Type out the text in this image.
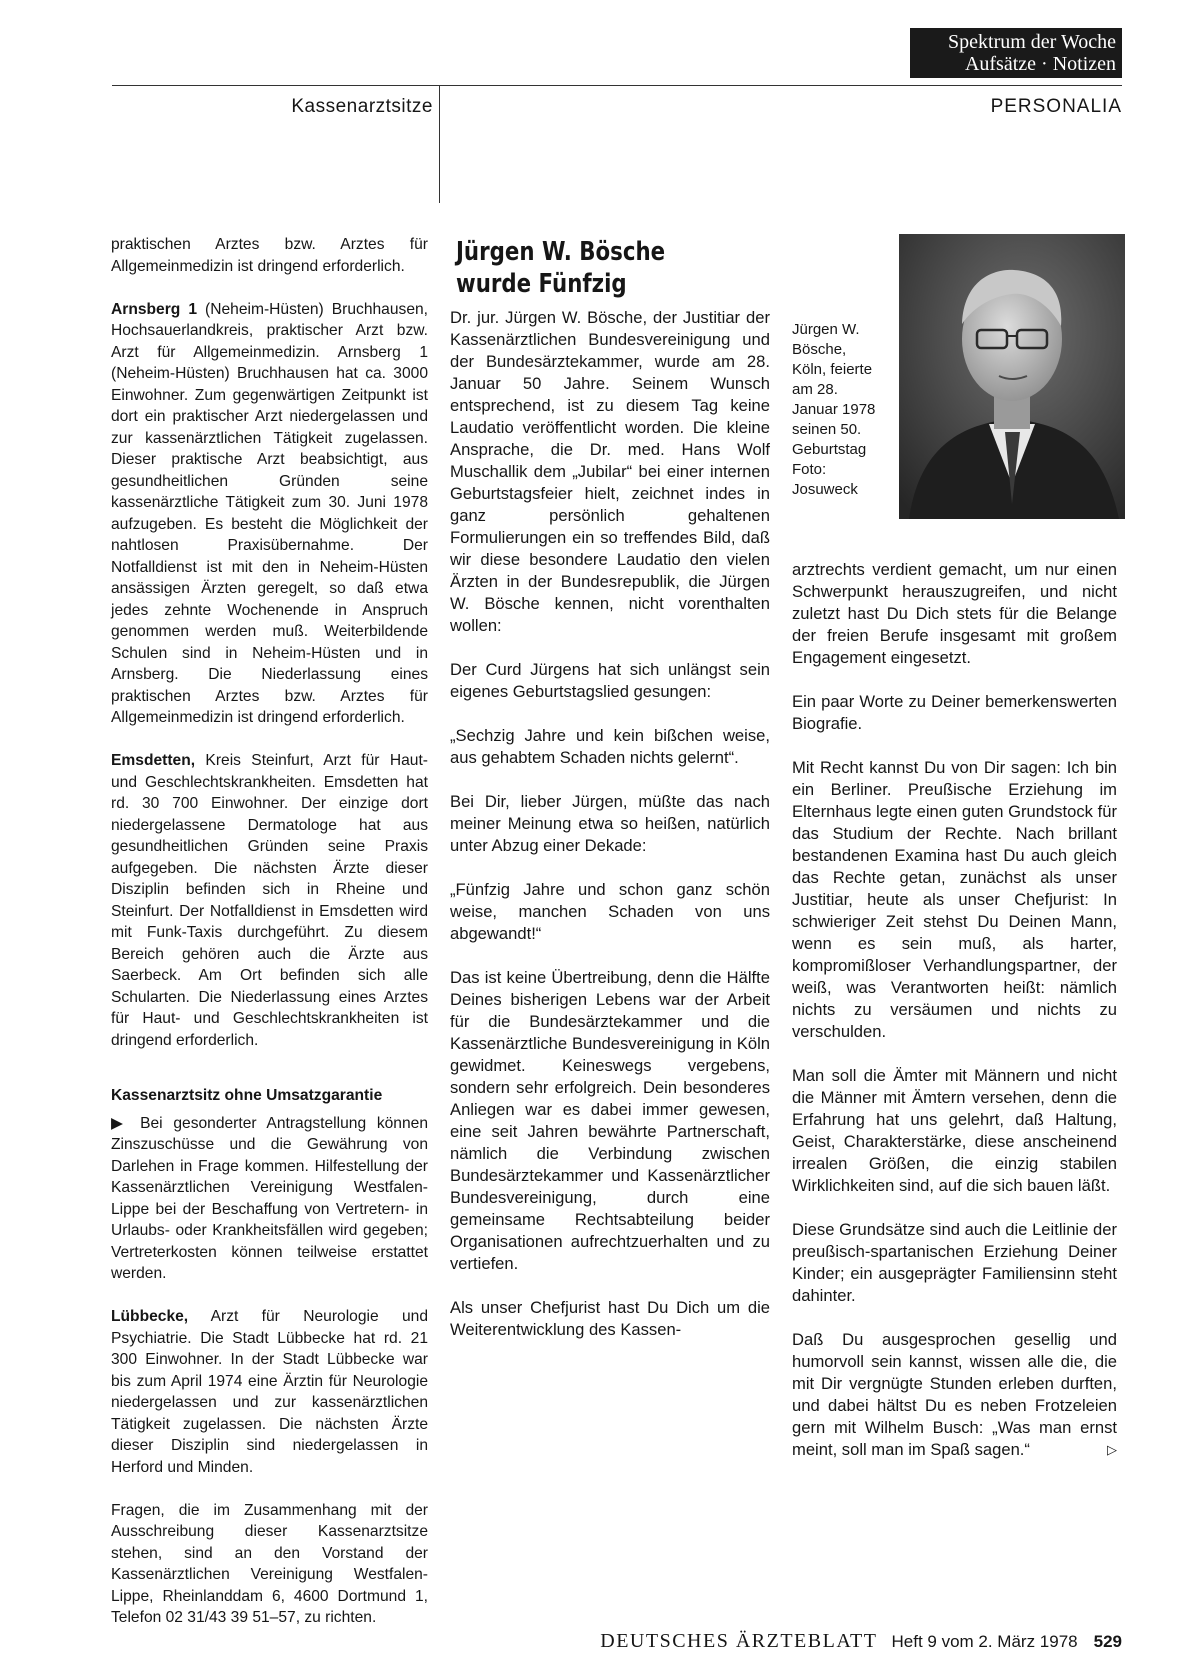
Spektrum der Woche
Aufsätze · Notizen
Kassenarztsitze	PERSONALIA

praktischen Arztes bzw. Arztes für Allgemeinmedizin ist dringend erforderlich.

Arnsberg 1 (Neheim-Hüsten) Bruchhausen, Hochsauerlandkreis, praktischer Arzt bzw. Arzt für Allgemeinmedizin. Arnsberg 1 (Neheim-Hüsten) Bruchhausen hat ca. 3000 Einwohner. Zum gegenwärtigen Zeitpunkt ist dort ein praktischer Arzt niedergelassen und zur kassenärztlichen Tätigkeit zugelassen. Dieser praktische Arzt beabsichtigt, aus gesundheitlichen Gründen seine kassenärztliche Tätigkeit zum 30. Juni 1978 aufzugeben. Es besteht die Möglichkeit der nahtlosen Praxisübernahme. Der Notfalldienst ist mit den in Neheim-Hüsten ansässigen Ärzten geregelt, so daß etwa jedes zehnte Wochenende in Anspruch genommen werden muß. Weiterbildende Schulen sind in Neheim-Hüsten und in Arnsberg. Die Niederlassung eines praktischen Arztes bzw. Arztes für Allgemeinmedizin ist dringend erforderlich.

Emsdetten, Kreis Steinfurt, Arzt für Haut- und Geschlechtskrankheiten. Emsdetten hat rd. 30 700 Einwohner. Der einzige dort niedergelassene Dermatologe hat aus gesundheitlichen Gründen seine Praxis aufgegeben. Die nächsten Ärzte dieser Disziplin befinden sich in Rheine und Steinfurt. Der Notfalldienst in Emsdetten wird mit Funk-Taxis durchgeführt. Zu diesem Bereich gehören auch die Ärzte aus Saerbeck. Am Ort befinden sich alle Schularten. Die Niederlassung eines Arztes für Haut- und Geschlechtskrankheiten ist dringend erforderlich.

Kassenarztsitz ohne Umsatzgarantie

▶ Bei gesonderter Antragstellung können Zinszuschüsse und die Gewährung von Darlehen in Frage kommen. Hilfestellung der Kassenärztlichen Vereinigung Westfalen-Lippe bei der Beschaffung von Vertretern- in Urlaubs- oder Krankheitsfällen wird gegeben; Vertreterkosten können teilweise erstattet werden.

Lübbecke, Arzt für Neurologie und Psychiatrie. Die Stadt Lübbecke hat rd. 21 300 Einwohner. In der Stadt Lübbecke war bis zum April 1974 eine Ärztin für Neurologie niedergelassen und zur kassenärztlichen Tätigkeit zugelassen. Die nächsten Ärzte dieser Disziplin sind niedergelassen in Herford und Minden.

Fragen, die im Zusammenhang mit der Ausschreibung dieser Kassenarztsitze stehen, sind an den Vorstand der Kassenärztlichen Vereinigung Westfalen-Lippe, Rheinlanddam 6, 4600 Dortmund 1, Telefon 02 31/43 39 51–57, zu richten.

Jürgen W. Bösche
wurde Fünfzig
Jürgen W. Bösche, Köln, feierte am 28. Januar 1978 seinen 50. Geburtstag Foto: Josuweck

Dr. jur. Jürgen W. Bösche, der Justitiar der Kassenärztlichen Bundesvereinigung und der Bundesärztekammer, wurde am 28. Januar 50 Jahre. Seinem Wunsch entsprechend, ist zu diesem Tag keine Laudatio veröffentlicht worden. Die kleine Ansprache, die Dr. med. Hans Wolf Muschallik dem „Jubilar“ bei einer internen Geburtstagsfeier hielt, zeichnet indes in ganz persönlich gehaltenen Formulierungen ein so treffendes Bild, daß wir diese besondere Laudatio den vielen Ärzten in der Bundesrepublik, die Jürgen W. Bösche kennen, nicht vorenthalten wollen:

Der Curd Jürgens hat sich unlängst sein eigenes Geburtstagslied gesungen:

„Sechzig Jahre und kein bißchen weise, aus gehabtem Schaden nichts gelernt“.

Bei Dir, lieber Jürgen, müßte das nach meiner Meinung etwa so heißen, natürlich unter Abzug einer Dekade:

„Fünfzig Jahre und schon ganz schön weise, manchen Schaden von uns abgewandt!“

Das ist keine Übertreibung, denn die Hälfte Deines bisherigen Lebens war der Arbeit für die Bundesärztekammer und die Kassenärztliche Bundesvereinigung in Köln gewidmet. Keineswegs vergebens, sondern sehr erfolgreich. Dein besonderes Anliegen war es dabei immer gewesen, eine seit Jahren bewährte Partnerschaft, nämlich die Verbindung zwischen Bundesärztekammer und Kassenärztlicher Bundesvereinigung, durch eine gemeinsame Rechtsabteilung beider Organisationen aufrechtzuerhalten und zu vertiefen.

Als unser Chefjurist hast Du Dich um die Weiterentwicklung des Kassen-

arztrechts verdient gemacht, um nur einen Schwerpunkt herauszugreifen, und nicht zuletzt hast Du Dich stets für die Belange der freien Berufe insgesamt mit großem Engagement eingesetzt.

Ein paar Worte zu Deiner bemerkenswerten Biografie.

Mit Recht kannst Du von Dir sagen: Ich bin ein Berliner. Preußische Erziehung im Elternhaus legte einen guten Grundstock für das Studium der Rechte. Nach brillant bestandenen Examina hast Du auch gleich das Rechte getan, zunächst als unser Justitiar, heute als unser Chefjurist: In schwieriger Zeit stehst Du Deinen Mann, wenn es sein muß, als harter, kompromißloser Verhandlungspartner, der weiß, was Verantworten heißt: nämlich nichts zu versäumen und nichts zu verschulden.

Man soll die Ämter mit Männern und nicht die Männer mit Ämtern versehen, denn die Erfahrung hat uns gelehrt, daß Haltung, Geist, Charakterstärke, diese anscheinend irrealen Größen, die einzig stabilen Wirklichkeiten sind, auf die sich bauen läßt.

Diese Grundsätze sind auch die Leitlinie der preußisch-spartanischen Erziehung Deiner Kinder; ein ausgeprägter Familiensinn steht dahinter.

Daß Du ausgesprochen gesellig und humorvoll sein kannst, wissen alle die, die mit Dir vergnügte Stunden erleben durften, und dabei hältst Du es neben Frotzeleien gern mit Wilhelm Busch: „Was man ernst meint, soll man im Spaß sagen.“	▷

DEUTSCHES ÄRZTEBLATT Heft 9 vom 2. März 1978 529
